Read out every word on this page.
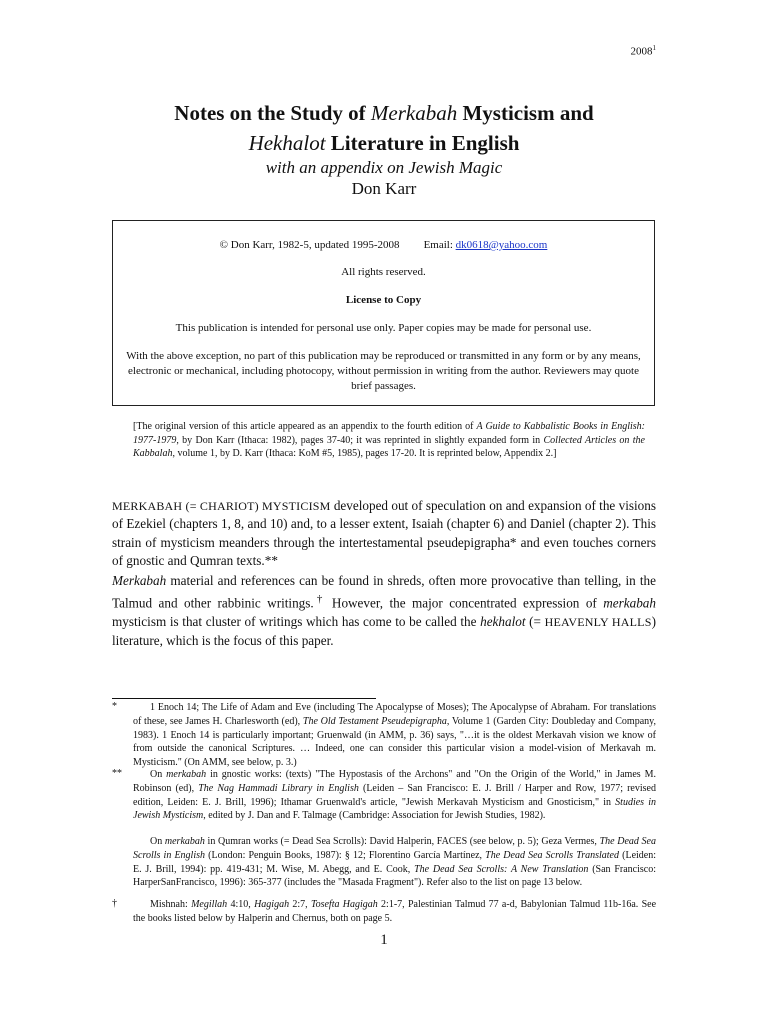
2008$^1$
Notes on the Study of Merkabah Mysticism and
Hekhalot Literature in English
with an appendix on Jewish Magic
Don Karr

© Don Karr, 1982-5, updated 1995-2008 Email: dk0618@yahoo.com

All rights reserved.

License to Copy

This publication is intended for personal use only. Paper copies may be made for personal use.

With the above exception, no part of this publication may be reproduced or transmitted in any form or by any means, electronic or mechanical, including photocopy, without permission in writing from the author. Reviewers may quote brief passages.

[The original version of this article appeared as an appendix to the fourth edition of A Guide to Kabbalistic Books in English: 1977-1979, by Don Karr (Ithaca: 1982), pages 37-40; it was reprinted in slightly expanded form in Collected Articles on the Kabbalah, volume 1, by D. Karr (Ithaca: KoM #5, 1985), pages 17-20. It is reprinted below, Appendix 2.]
MERKABAH (= CHARIOT) MYSTICISM developed out of speculation on and expansion of the visions of Ezekiel (chapters 1, 8, and 10) and, to a lesser extent, Isaiah (chapter 6) and Daniel (chapter 2). This strain of mysticism meanders through the intertestamental pseudepigrapha* and even touches corners of gnostic and Qumran texts.**
Merkabah material and references can be found in shreds, often more provocative than telling, in the Talmud and other rabbinic writings.† However, the major concentrated expression of merkabah mysticism is that cluster of writings which has come to be called the hekhalot (= HEAVENLY HALLS) literature, which is the focus of this paper.
*	1 Enoch 14; The Life of Adam and Eve (including The Apocalypse of Moses); The Apocalypse of Abraham. For translations of these, see James H. Charlesworth (ed), The Old Testament Pseudepigrapha, Volume 1 (Garden City: Doubleday and Company, 1983). 1 Enoch 14 is particularly important; Gruenwald (in AMM, p. 36) says, "…it is the oldest Merkavah vision we know of from outside the canonical Scriptures. … Indeed, one can consider this particular vision a model-vision of Merkavah m. Mysticism." (On AMM, see below, p. 3.)
**	On merkabah in gnostic works: (texts) "The Hypostasis of the Archons" and "On the Origin of the World," in James M. Robinson (ed), The Nag Hammadi Library in English (Leiden – San Francisco: E. J. Brill / Harper and Row, 1977; revised edition, Leiden: E. J. Brill, 1996); Ithamar Gruenwald's article, "Jewish Merkavah Mysticism and Gnosticism," in Studies in Jewish Mysticism, edited by J. Dan and F. Talmage (Cambridge: Association for Jewish Studies, 1982).
On merkabah in Qumran works (= Dead Sea Scrolls): David Halperin, FACES (see below, p. 5); Geza Vermes, The Dead Sea Scrolls in English (London: Penguin Books, 1987): § 12; Florentino García Martínez, The Dead Sea Scrolls Translated (Leiden: E. J. Brill, 1994): pp. 419-431; M. Wise, M. Abegg, and E. Cook, The Dead Sea Scrolls: A New Translation (San Francisco: HarperSanFrancisco, 1996): 365-377 (includes the "Masada Fragment"). Refer also to the list on page 13 below.
†	Mishnah: Megillah 4:10, Hagigah 2:7, Tosefta Hagigah 2:1-7, Palestinian Talmud 77 a-d, Babylonian Talmud 11b-16a. See the books listed below by Halperin and Chernus, both on page 5.
1
